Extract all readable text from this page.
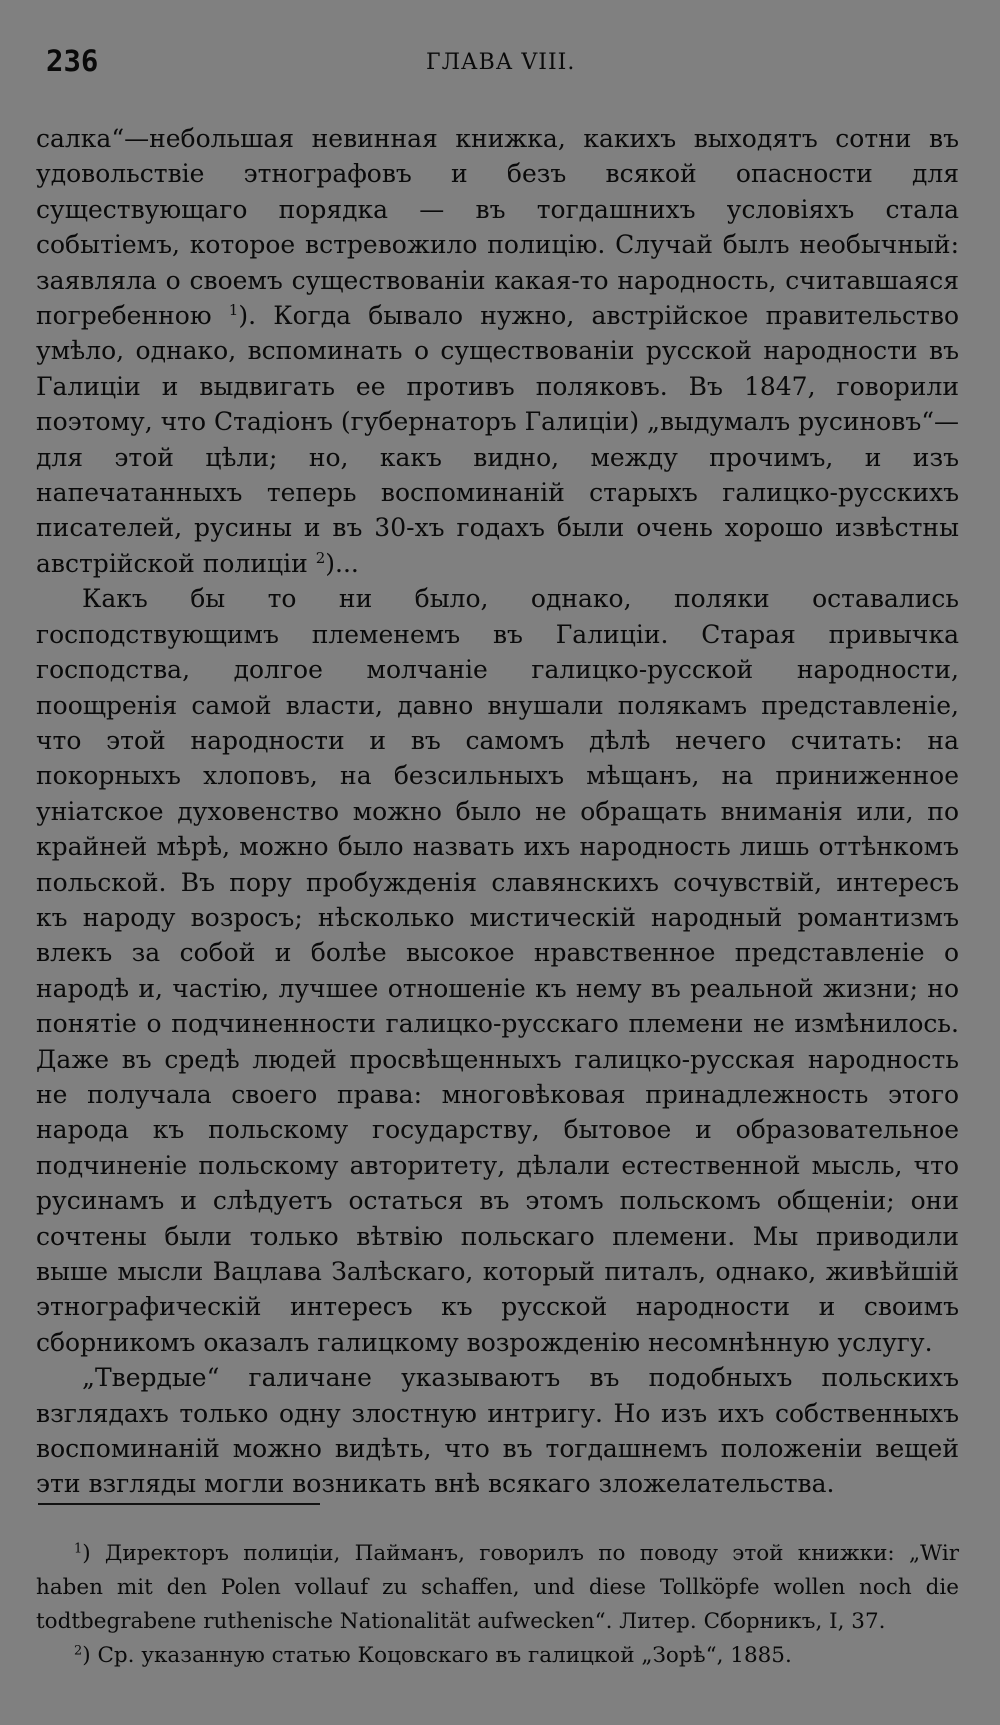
236	ГЛАВА VIII.

салка“—небольшая невинная книжка, какихъ выходятъ сотни въ удовольствiе этнографовъ и безъ всякой опасности для существующаго порядка — въ тогдашнихъ условiяхъ стала событiемъ, которое встревожило полицiю. Случай былъ необычный: заявляла о своемъ существованiи какая-то народность, считавшаяся погребенною $^1$). Когда бывало нужно, австрiйское правительство умѣло, однако, вспоминать о существованiи русской народности въ Галицiи и выдвигать ее противъ поляковъ. Въ 1847, говорили поэтому, что Стадiонъ (губернаторъ Галицiи) „выдумалъ русиновъ“—для этой цѣли; но, какъ видно, между прочимъ, и изъ напечатанныхъ теперь воспоминанiй старыхъ галицко-русскихъ писателей, русины и въ 30-хъ годахъ были очень хорошо извѣстны австрiйской полицiи $^2$)...

Какъ бы то ни было, однако, поляки оставались господствующимъ племенемъ въ Галицiи. Старая привычка господства, долгое молчанiе галицко-русской народности, поощренiя самой власти, давно внушали полякамъ представленiе, что этой народности и въ самомъ дѣлѣ нечего считать: на покорныхъ хлоповъ, на безсильныхъ мѣщанъ, на приниженное унiатское духовенство можно было не обращать вниманiя или, по крайней мѣрѣ, можно было назвать ихъ народность лишь оттѣнкомъ польской. Въ пору пробужденiя славянскихъ сочувствiй, интересъ къ народу возросъ; нѣсколько мистическiй народный романтизмъ влекъ за собой и болѣе высокое нравственное представленiе о народѣ и, частiю, лучшее отношенiе къ нему въ реальной жизни; но понятiе о подчиненности галицко-русскаго племени не измѣнилось. Даже въ средѣ людей просвѣщенныхъ галицко-русская народность не получала своего права: многовѣковая принадлежность этого народа къ польскому государству, бытовое и образовательное подчиненiе польскому авторитету, дѣлали естественной мысль, что русинамъ и слѣдуетъ остаться въ этомъ польскомъ общенiи; они сочтены были только вѣтвiю польскаго племени. Мы приводили выше мысли Вацлава Залѣскаго, который питалъ, однако, живѣйшiй этнографическiй интересъ къ русской народности и своимъ сборникомъ оказалъ галицкому возрожденiю несомнѣнную услугу.

„Твердые“ галичане указываютъ въ подобныхъ польскихъ взглядахъ только одну злостную интригу. Но изъ ихъ собственныхъ воспоминанiй можно видѣть, что въ тогдашнемъ положенiи вещей эти взгляды могли возникать внѣ всякаго зложелательства.

$^1$) Директоръ полицiи, Пайманъ, говорилъ по поводу этой книжки: „Wir haben mit den Polen vollauf zu schaffen, und diese Tollköpfe wollen noch die todtbegrabene ruthenische Nationalität aufwecken“. Литер. Сборникъ, I, 37.

$^2$) Ср. указанную статью Коцовскаго въ галицкой „Зорѣ“, 1885.
